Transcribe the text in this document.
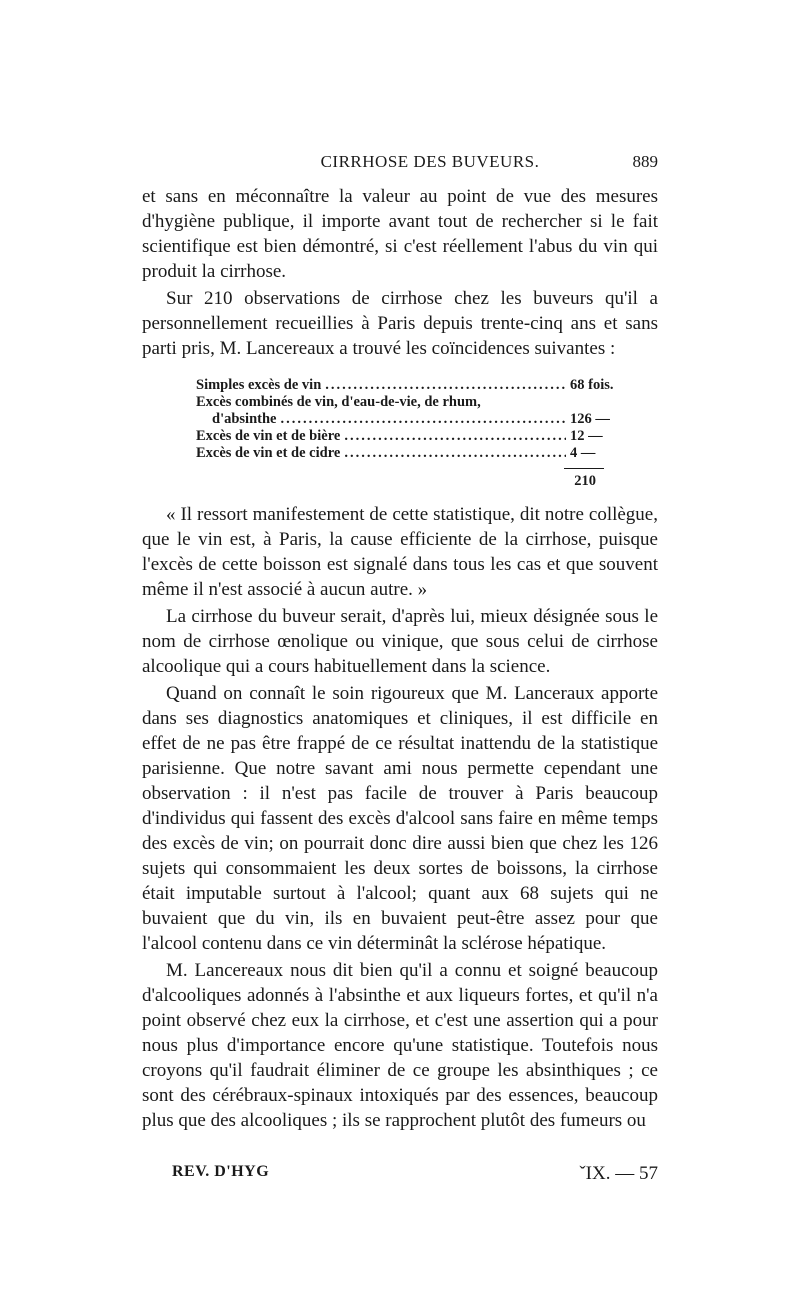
CIRRHOSE DES BUVEURS.	889

et sans en méconnaître la valeur au point de vue des mesures d'hygiène publique, il importe avant tout de rechercher si le fait scientifique est bien démontré, si c'est réellement l'abus du vin qui produit la cirrhose.

Sur 210 observations de cirrhose chez les buveurs qu'il a personnellement recueillies à Paris depuis trente-cinq ans et sans parti pris, M. Lancereaux a trouvé les coïncidences suivantes :

Simples excès de vin .....	68 fois.
Excès combinés de vin, d'eau-de-vie, de rhum,
d'absinthe .....	126 —
Excès de vin et de bière .....	12 —
Excès de vin et de cidre .....	4 —
210

« Il ressort manifestement de cette statistique, dit notre collègue, que le vin est, à Paris, la cause efficiente de la cirrhose, puisque l'excès de cette boisson est signalé dans tous les cas et que souvent même il n'est associé à aucun autre. »

La cirrhose du buveur serait, d'après lui, mieux désignée sous le nom de cirrhose œnolique ou vinique, que sous celui de cirrhose alcoolique qui a cours habituellement dans la science.

Quand on connaît le soin rigoureux que M. Lanceraux apporte dans ses diagnostics anatomiques et cliniques, il est difficile en effet de ne pas être frappé de ce résultat inattendu de la statistique parisienne. Que notre savant ami nous permette cependant une observation : il n'est pas facile de trouver à Paris beaucoup d'individus qui fassent des excès d'alcool sans faire en même temps des excès de vin; on pourrait donc dire aussi bien que chez les 126 sujets qui consommaient les deux sortes de boissons, la cirrhose était imputable surtout à l'alcool; quant aux 68 sujets qui ne buvaient que du vin, ils en buvaient peut-être assez pour que l'alcool contenu dans ce vin déterminât la sclérose hépatique.

M. Lancereaux nous dit bien qu'il a connu et soigné beaucoup d'alcooliques adonnés à l'absinthe et aux liqueurs fortes, et qu'il n'a point observé chez eux la cirrhose, et c'est une assertion qui a pour nous plus d'importance encore qu'une statistique. Toutefois nous croyons qu'il faudrait éliminer de ce groupe les absinthiques ; ce sont des cérébraux-spinaux intoxiqués par des essences, beaucoup plus que des alcooliques ; ils se rapprochent plutôt des fumeurs ou

REV. D'HYG	ˇIX. — 57
